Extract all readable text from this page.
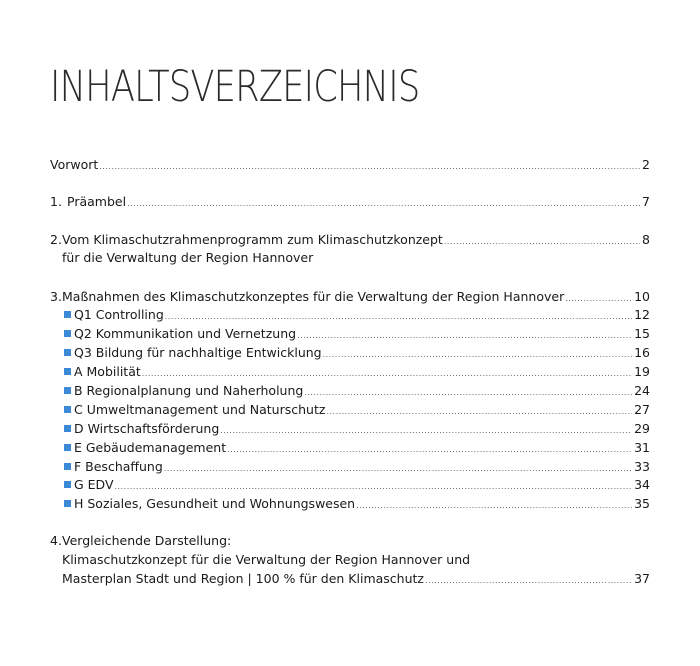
INHALTSVERZEICHNIS
Vorwort .....	2
1. Präambel .....	7
2. Vom Klimaschutzrahmenprogramm zum Klimaschutzkonzept .....	8
für die Verwaltung der Region Hannover
3. Maßnahmen des Klimaschutzkonzeptes für die Verwaltung der Region Hannover .....	10
Q1 Controlling .....	12
Q2 Kommunikation und Vernetzung .....	15
Q3 Bildung für nachhaltige Entwicklung .....	16
A Mobilität .....	19
B Regionalplanung und Naherholung .....	24
C Umweltmanagement und Naturschutz .....	27
D Wirtschaftsförderung .....	29
E Gebäudemanagement .....	31
F Beschaffung .....	33
G EDV .....	34
H Soziales, Gesundheit und Wohnungswesen .....	35
4.Vergleichende Darstellung:
Klimaschutzkonzept für die Verwaltung der Region Hannover und
Masterplan Stadt und Region | 100 % für den Klimaschutz .....	37
